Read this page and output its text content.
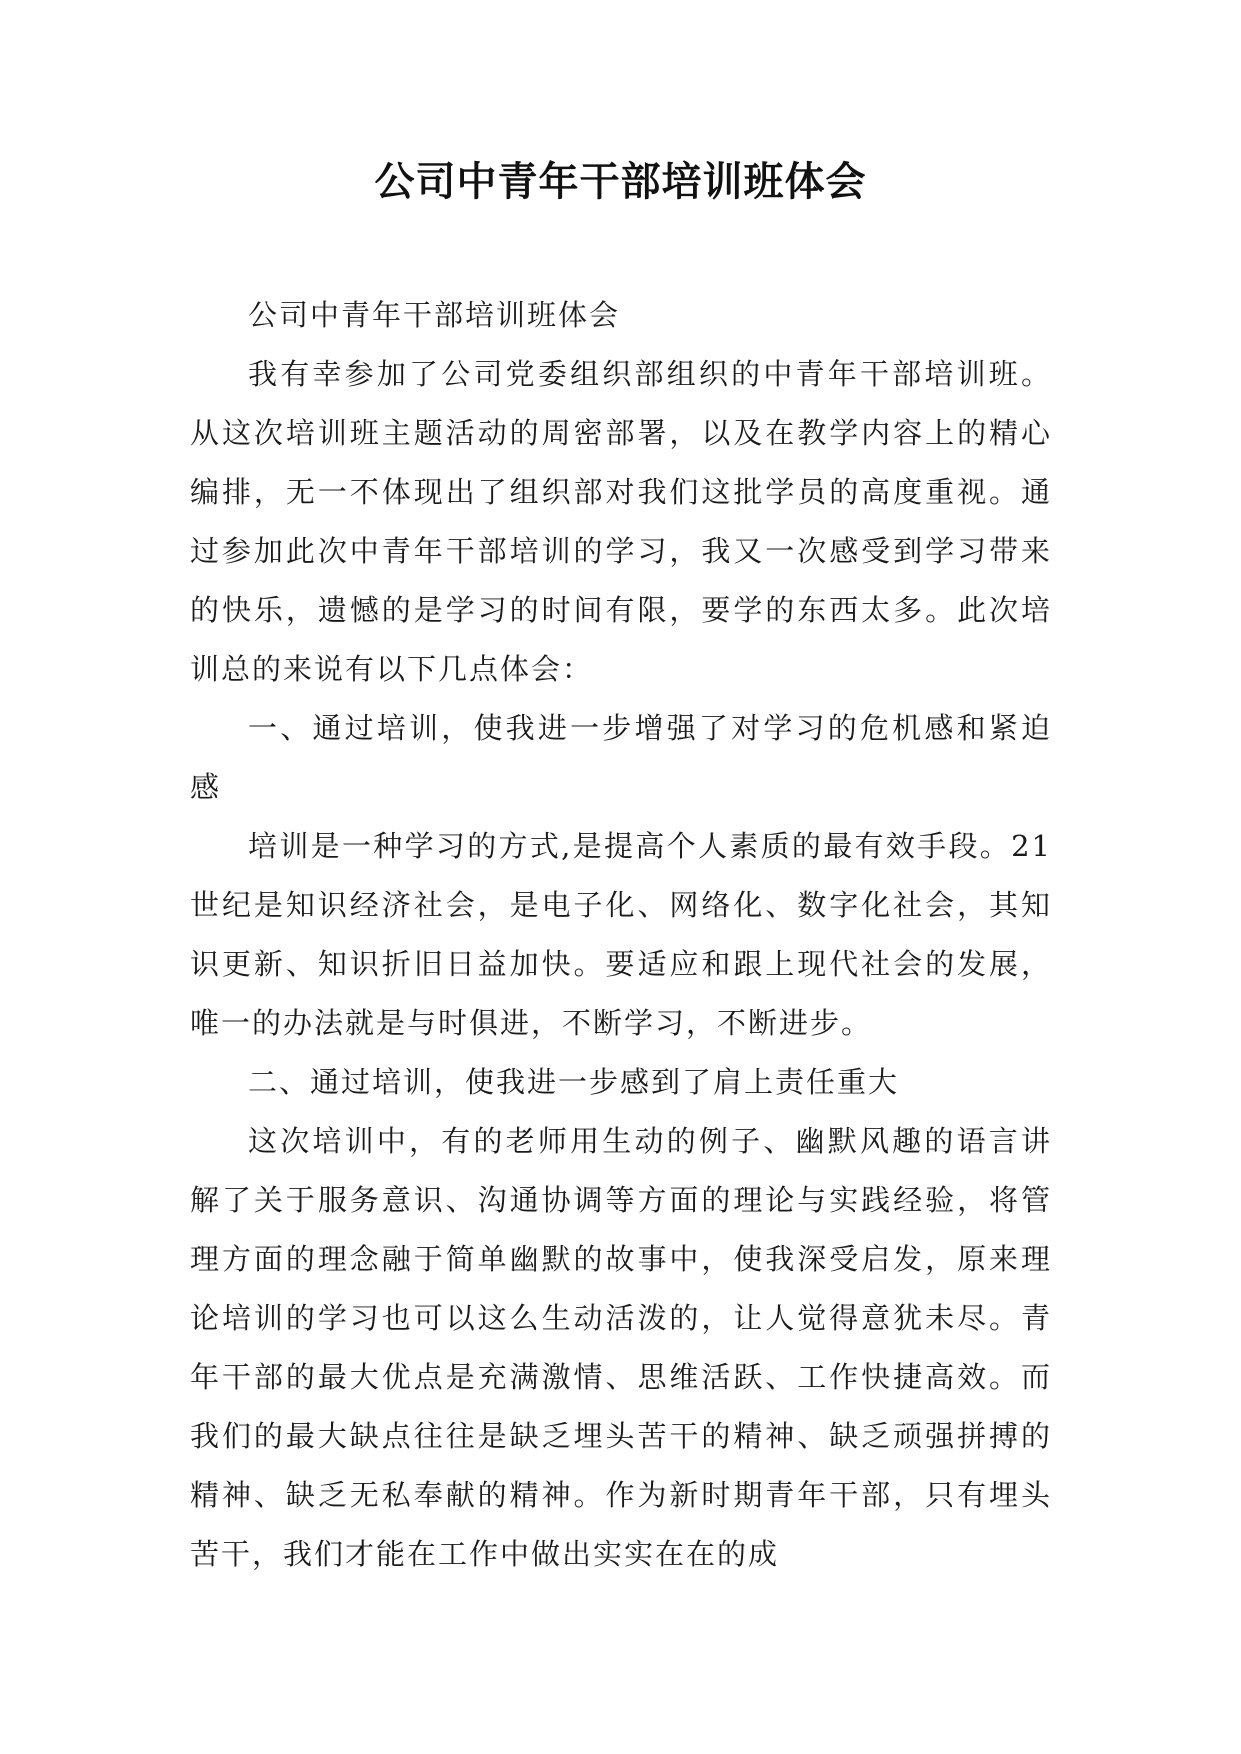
公司中青年干部培训班体会

公司中青年干部培训班体会

我有幸参加了公司党委组织部组织的中青年干部培训班。从这次培训班主题活动的周密部署，以及在教学内容上的精心编排，无一不体现出了组织部对我们这批学员的高度重视。通过参加此次中青年干部培训的学习，我又一次感受到学习带来的快乐，遗憾的是学习的时间有限，要学的东西太多。此次培训总的来说有以下几点体会：

一、通过培训，使我进一步增强了对学习的危机感和紧迫感

培训是一种学习的方式,是提高个人素质的最有效手段。21世纪是知识经济社会，是电子化、网络化、数字化社会，其知识更新、知识折旧日益加快。要适应和跟上现代社会的发展，唯一的办法就是与时俱进，不断学习，不断进步。

二、通过培训，使我进一步感到了肩上责任重大

这次培训中，有的老师用生动的例子、幽默风趣的语言讲解了关于服务意识、沟通协调等方面的理论与实践经验，将管理方面的理念融于简单幽默的故事中，使我深受启发，原来理论培训的学习也可以这么生动活泼的，让人觉得意犹未尽。青年干部的最大优点是充满激情、思维活跃、工作快捷高效。而我们的最大缺点往往是缺乏埋头苦干的精神、缺乏顽强拼搏的精神、缺乏无私奉献的精神。作为新时期青年干部，只有埋头苦干，我们才能在工作中做出实实在在的成
